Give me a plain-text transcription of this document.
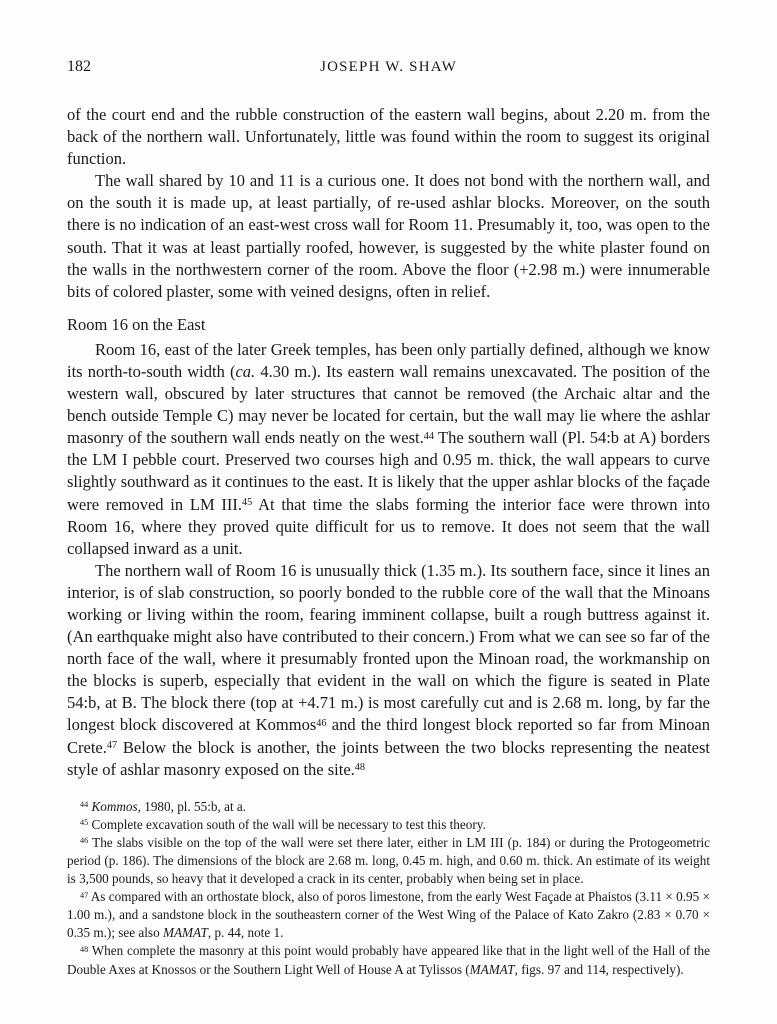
182	JOSEPH W. SHAW

of the court end and the rubble construction of the eastern wall begins, about 2.20 m. from the back of the northern wall. Unfortunately, little was found within the room to suggest its original function.

The wall shared by 10 and 11 is a curious one. It does not bond with the northern wall, and on the south it is made up, at least partially, of re-used ashlar blocks. Moreover, on the south there is no indication of an east-west cross wall for Room 11. Presumably it, too, was open to the south. That it was at least partially roofed, however, is suggested by the white plaster found on the walls in the northwestern corner of the room. Above the floor (+2.98 m.) were innumerable bits of colored plaster, some with veined designs, often in relief.

Room 16 on the East

Room 16, east of the later Greek temples, has been only partially defined, although we know its north-to-south width (ca. 4.30 m.). Its eastern wall remains unexcavated. The position of the western wall, obscured by later structures that cannot be removed (the Archaic altar and the bench outside Temple C) may never be located for certain, but the wall may lie where the ashlar masonry of the southern wall ends neatly on the west.$^{44}$ The southern wall (Pl. 54:b at A) borders the LM I pebble court. Preserved two courses high and 0.95 m. thick, the wall appears to curve slightly southward as it continues to the east. It is likely that the upper ashlar blocks of the façade were removed in LM III.$^{45}$ At that time the slabs forming the interior face were thrown into Room 16, where they proved quite difficult for us to remove. It does not seem that the wall collapsed inward as a unit.

The northern wall of Room 16 is unusually thick (1.35 m.). Its southern face, since it lines an interior, is of slab construction, so poorly bonded to the rubble core of the wall that the Minoans working or living within the room, fearing imminent collapse, built a rough buttress against it. (An earthquake might also have contributed to their concern.) From what we can see so far of the north face of the wall, where it presumably fronted upon the Minoan road, the workmanship on the blocks is superb, especially that evident in the wall on which the figure is seated in Plate 54:b, at B. The block there (top at +4.71 m.) is most carefully cut and is 2.68 m. long, by far the longest block discovered at Kommos$^{46}$ and the third longest block reported so far from Minoan Crete.$^{47}$ Below the block is another, the joints between the two blocks representing the neatest style of ashlar masonry exposed on the site.$^{48}$

$^{44}$ Kommos, 1980, pl. 55:b, at a.

$^{45}$ Complete excavation south of the wall will be necessary to test this theory.

$^{46}$ The slabs visible on the top of the wall were set there later, either in LM III (p. 184) or during the Protogeometric period (p. 186). The dimensions of the block are 2.68 m. long, 0.45 m. high, and 0.60 m. thick. An estimate of its weight is 3,500 pounds, so heavy that it developed a crack in its center, probably when being set in place.

$^{47}$ As compared with an orthostate block, also of poros limestone, from the early West Façade at Phaistos (3.11 × 0.95 × 1.00 m.), and a sandstone block in the southeastern corner of the West Wing of the Palace of Kato Zakro (2.83 × 0.70 × 0.35 m.); see also MAMAT, p. 44, note 1.

$^{48}$ When complete the masonry at this point would probably have appeared like that in the light well of the Hall of the Double Axes at Knossos or the Southern Light Well of House A at Tylissos (MAMAT, figs. 97 and 114, respectively).
